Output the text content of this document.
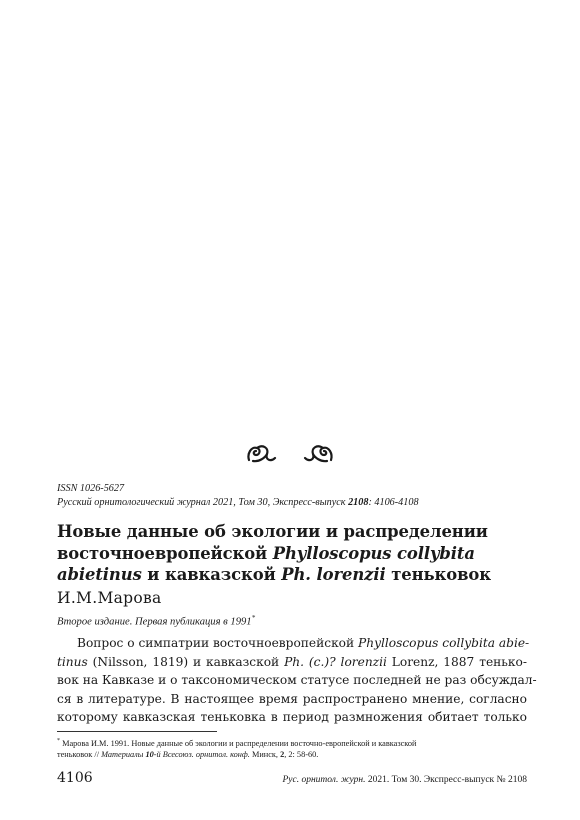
ISSN 1026-5627
Русский орнитологический журнал 2021, Том 30, Экспресс-выпуск 2108: 4106-4108
Новые данные об экологии и распределении
восточноевропейской Phylloscopus collybita
abietinus и кавказской Ph. lorenzii теньковок
И.М.Марова
Второе издание. Первая публикация в 1991*
Вопрос о симпатрии восточноевропейской Phylloscopus collybita abie-
tinus (Nilsson, 1819) и кавказской Ph. (c.)? lorenzii Lorenz, 1887 тенько-
вок на Кавказе и о таксономическом статусе последней не раз обсуждал-
ся в литературе. В настоящее время распространено мнение, согласно
которому кавказская теньковка в период размножения обитает только
* Марова И.М. 1991. Новые данные об экологии и распределении восточно-европейской и кавказской
теньковок // Материалы 10-й Всесоюз. орнитол. конф. Минск, 2, 2: 58-60.
4106	Рус. орнитол. журн. 2021. Том 30. Экспресс-выпуск № 2108
